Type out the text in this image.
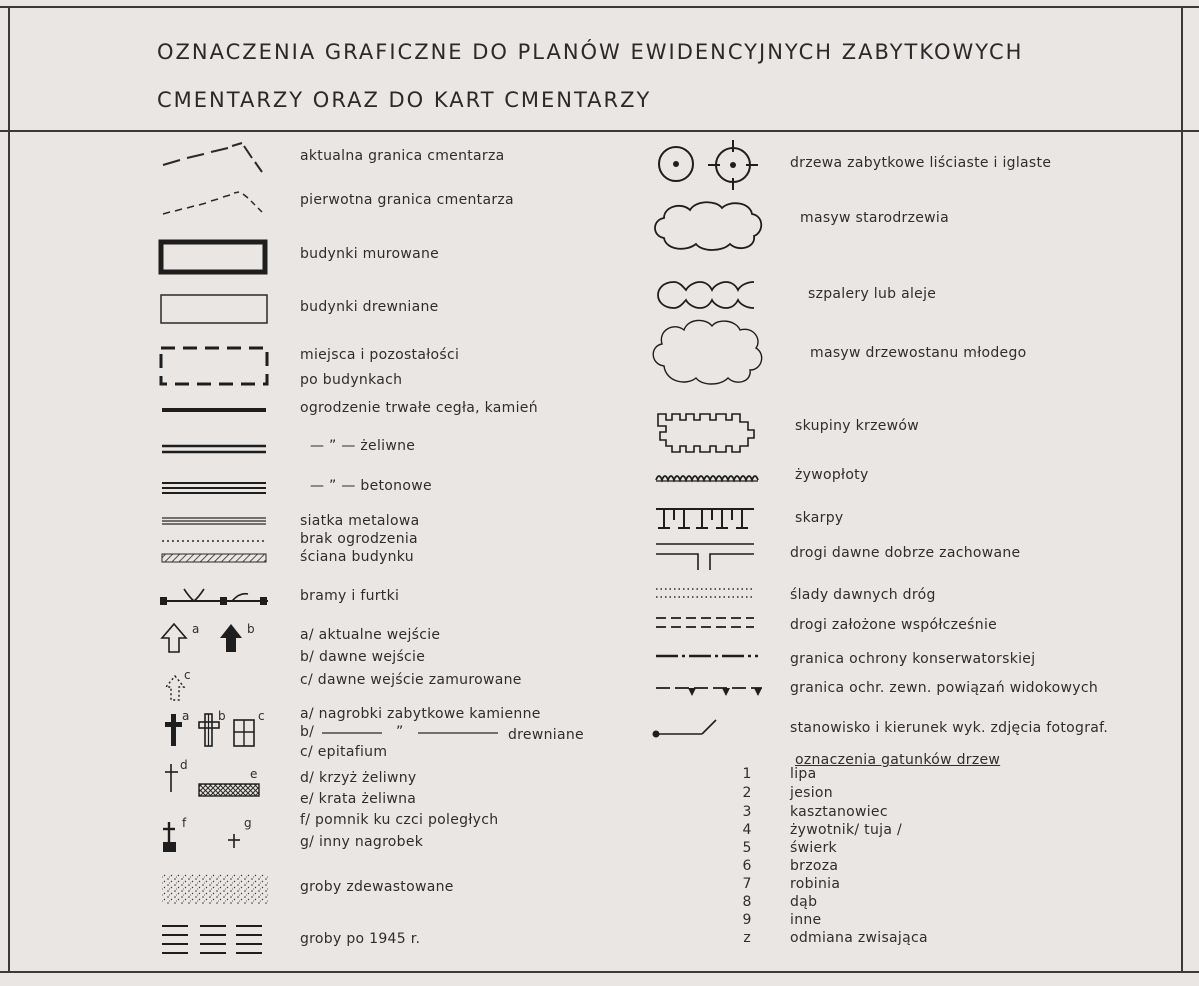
OZNACZENIA GRAFICZNE DO PLANÓW EWIDENCYJNYCH ZABYTKOWYCH
CMENTARZY ORAZ DO KART CMENTARZY
aktualna granica cmentarza
pierwotna granica cmentarza
budynki murowane
budynki drewniane
miejsca i pozostałości
po budynkach
ogrodzenie trwałe cegła, kamień
— ” — żeliwne
— ” — betonowe
siatka metalowa
brak ogrodzenia
ściana budynku
bramy i furtki
a	b
c
a/ aktualne wejście
b/ dawne wejście
c/ dawne wejście zamurowane
a b	c	a/ nagrobki zabytkowe kamienne
b/	”	drewniane
c/ epitafium
d
e	d/ krzyż żeliwny
e/ krata żeliwna
f	g	f/ pomnik ku czci poległych
g/ inny nagrobek
groby zdewastowane
groby po 1945 r.
drzewa zabytkowe liściaste i iglaste
masyw starodrzewia
szpalery lub aleje
masyw drzewostanu młodego
skupiny krzewów
żywopłoty
skarpy
drogi dawne dobrze zachowane
ślady dawnych dróg
drogi założone współcześnie
granica ochrony konserwatorskiej
granica ochr. zewn. powiązań widokowych
stanowisko i kierunek wyk. zdjęcia fotograf.
oznaczenia gatunków drzew
1	lipa
2	jesion
3	kasztanowiec
4	żywotnik/ tuja /
5	świerk
6	brzoza
7	robinia
8	dąb
9	inne
z	odmiana zwisająca
